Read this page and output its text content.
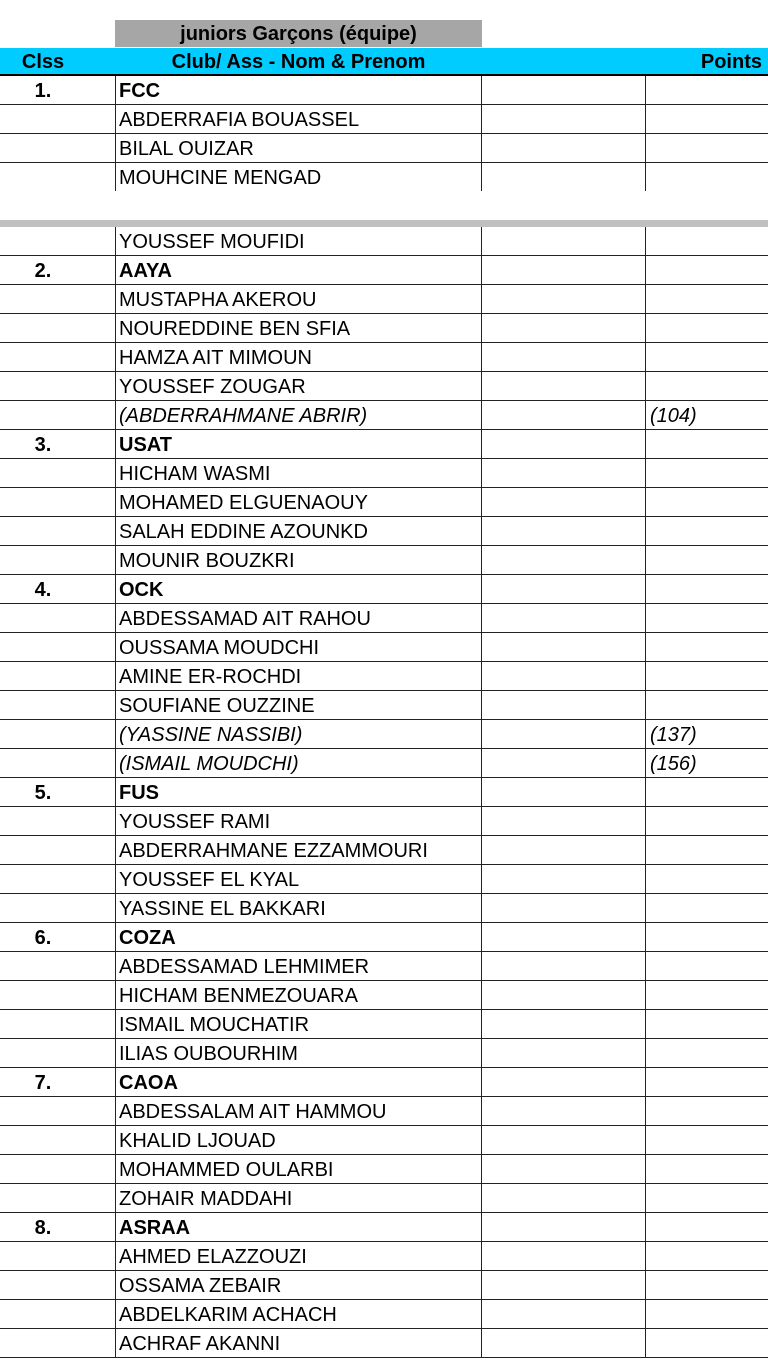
juniors Garçons (équipe)
Clss	Club/ Ass - Nom & Prenom	Points
1.	FCC
ABDERRAFIA BOUASSEL
BILAL OUIZAR
MOUHCINE MENGAD
YOUSSEF MOUFIDI
2.	AAYA
MUSTAPHA AKEROU
NOUREDDINE BEN SFIA
HAMZA AIT MIMOUN
YOUSSEF ZOUGAR
(ABDERRAHMANE ABRIR)	(104)
3.	USAT
HICHAM WASMI
MOHAMED ELGUENAOUY
SALAH EDDINE AZOUNKD
MOUNIR BOUZKRI
4.	OCK
ABDESSAMAD AIT RAHOU
OUSSAMA MOUDCHI
AMINE ER-ROCHDI
SOUFIANE OUZZINE
(YASSINE NASSIBI)	(137)
(ISMAIL MOUDCHI)	(156)
5.	FUS
YOUSSEF RAMI
ABDERRAHMANE EZZAMMOURI
YOUSSEF EL KYAL
YASSINE EL BAKKARI
6.	COZA
ABDESSAMAD LEHMIMER
HICHAM BENMEZOUARA
ISMAIL MOUCHATIR
ILIAS OUBOURHIM
7.	CAOA
ABDESSALAM AIT HAMMOU
KHALID LJOUAD
MOHAMMED OULARBI
ZOHAIR MADDAHI
8.	ASRAA
AHMED ELAZZOUZI
OSSAMA ZEBAIR
ABDELKARIM ACHACH
ACHRAF AKANNI
